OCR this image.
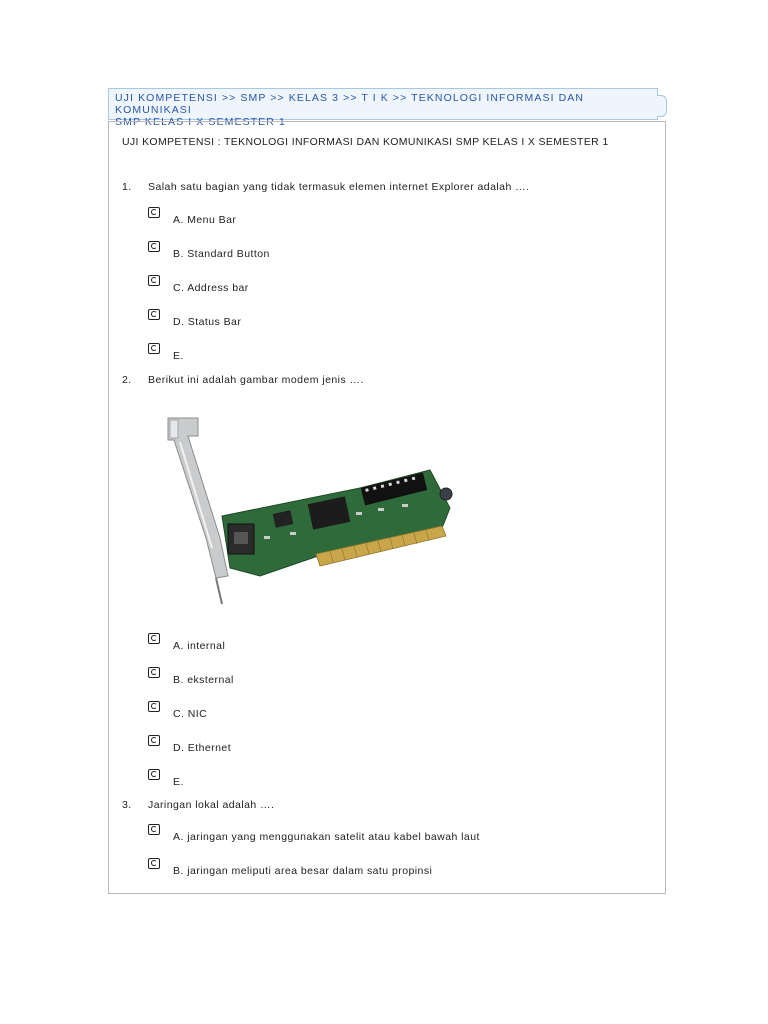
UJI KOMPETENSI >> SMP >> KELAS 3 >> T I K >> TEKNOLOGI INFORMASI DAN KOMUNIKASI
SMP KELAS I X SEMESTER 1
UJI KOMPETENSI : TEKNOLOGI INFORMASI DAN KOMUNIKASI SMP KELAS I X SEMESTER 1
1. Salah satu bagian yang tidak termasuk elemen internet Explorer adalah ….
A. Menu Bar
B. Standard Button
C. Address bar
D. Status Bar
E.
2. Berikut ini adalah gambar modem jenis ….
A. internal
B. eksternal
C. NIC
D. Ethernet
E.
3. Jaringan lokal adalah ….
A. jaringan yang menggunakan satelit atau kabel bawah laut
B. jaringan meliputi area besar dalam satu propinsi
